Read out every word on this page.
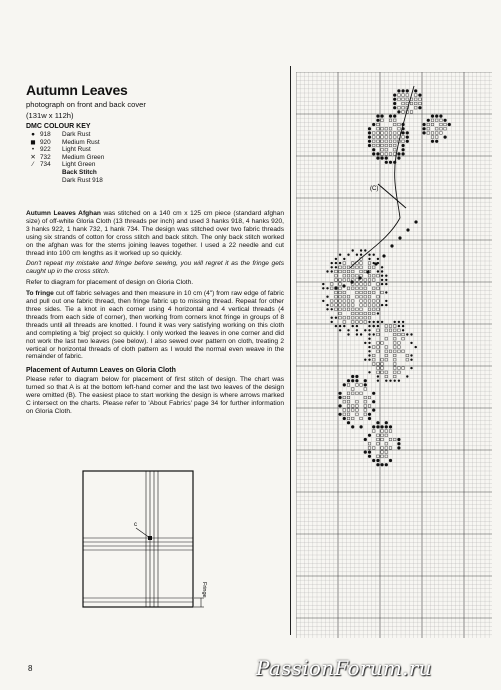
Autumn Leaves
photograph on front and back cover
(131w x 112h)
DMC COLOUR KEY
● 918	Dark Rust
◼ 920	Medium Rust
• 922	Light Rust
✕ 732	Medium Green
⁄	734	Light Green
Back Stitch
Dark Rust 918

Autumn Leaves Afghan was stitched on a 140 cm x 125 cm piece (standard afghan size) of off-white Gloria Cloth (13 threads per inch) and used 3 hanks 918, 4 hanks 920, 3 hanks 922, 1 hank 732, 1 hank 734. The design was stitched over two fabric threads using six strands of cotton for cross stitch and back stitch. The only back stitch worked on the afghan was for the stems joining leaves together. I used a 22 needle and cut thread into 100 cm lengths as it worked up so quickly.

Don't repeat my mistake and fringe before sewing, you will regret it as the fringe gets caught up in the cross stitch.

Refer to diagram for placement of design on Gloria Cloth.

To fringe cut off fabric selvages and then measure in 10 cm (4") from raw edge of fabric and pull out one fabric thread, then fringe fabric up to missing thread. Repeat for other three sides. Tie a knot in each corner using 4 horizontal and 4 vertical threads (4 threads from each side of corner), then working from corners knot fringe in groups of 8 threads until all threads are knotted. I found it was very satisfying working on this cloth and completing a 'big' project so quickly. I only worked the leaves in one corner and did not work the last two leaves (see below). I also sewed over pattern on cloth, treating 2 vertical or horizontal threads of cloth pattern as I would the normal even weave in the remainder of fabric.

Placement of Autumn Leaves on Gloria Cloth

Please refer to diagram below for placement of first stitch of design. The chart was turned so that A is at the bottom left-hand corner and the last two leaves of the design were omitted (B). The easiest place to start working the design is where arrows marked C intersect on the charts. Please refer to 'About Fabrics' page 34 for further information on Gloria Cloth.

c
Fringe
(C)
8	PassionForum.ru
